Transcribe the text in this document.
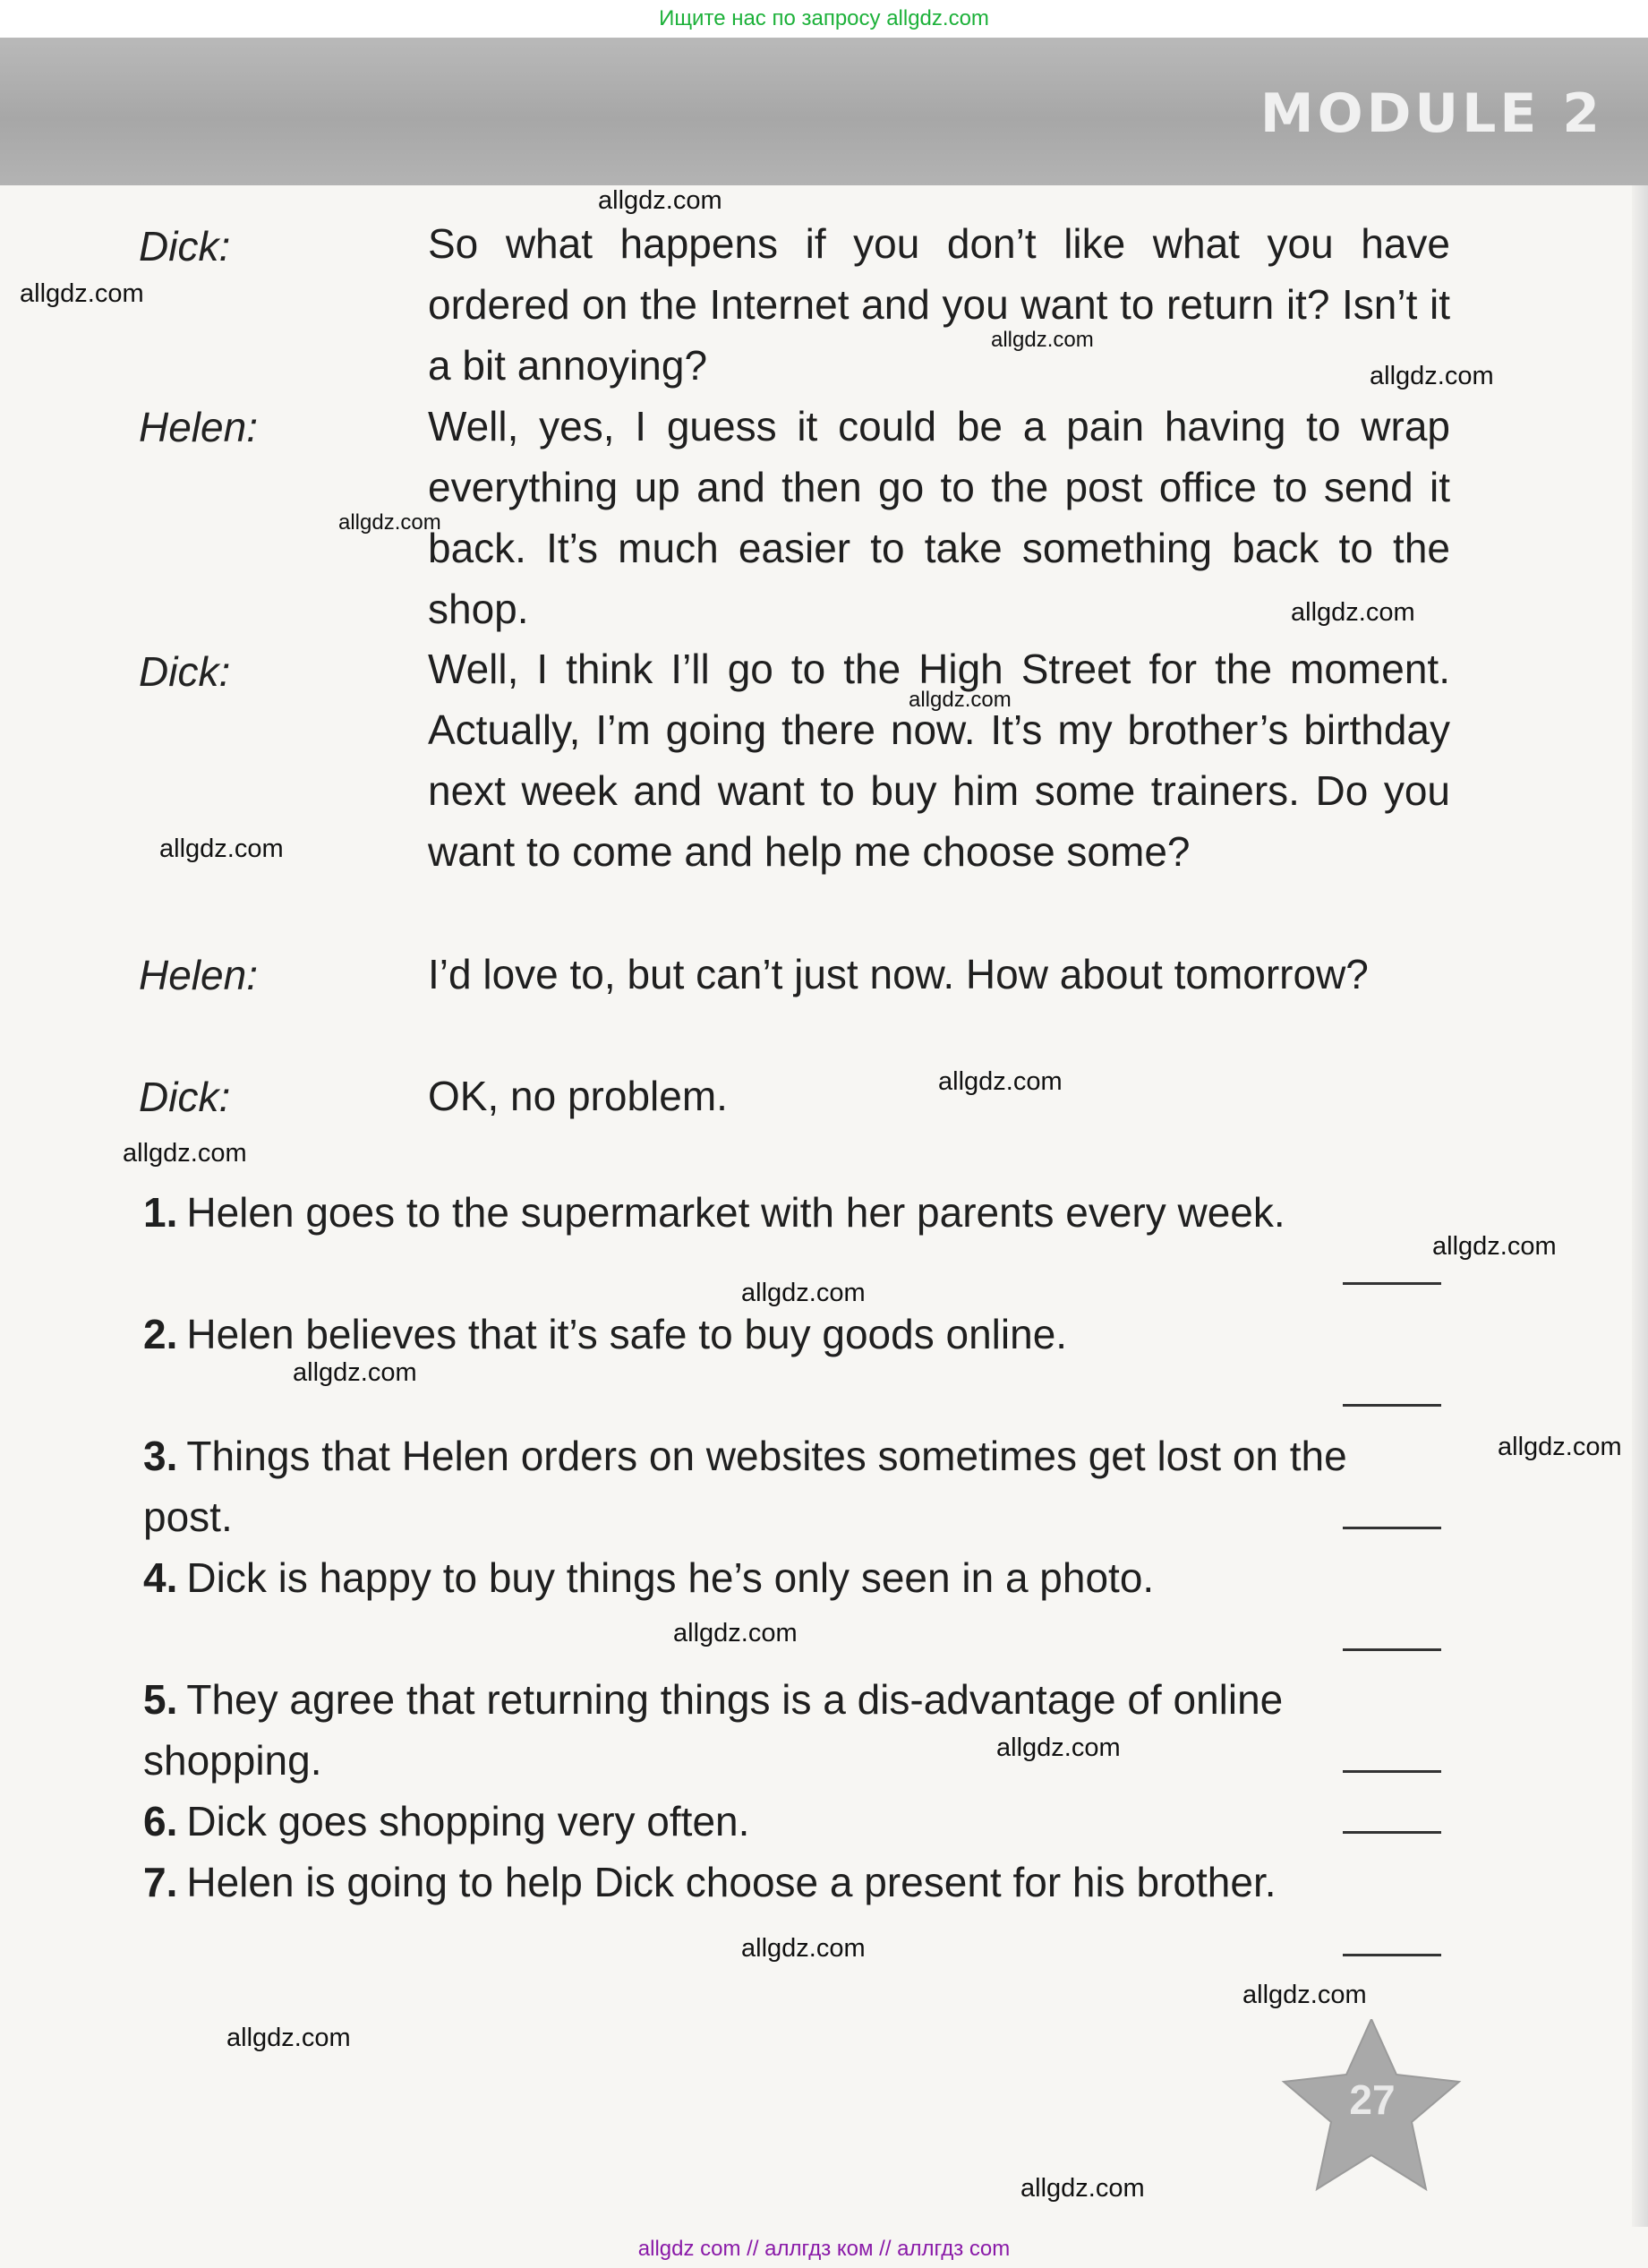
Ищите нас по запросу allgdz.com
MODULE 2
Dick:	So what happens if you don’t like what you have ordered on the Internet and you want to return it? Isn’t it a bit annoying?
Helen:	Well, yes, I guess it could be a pain having to wrap everything up and then go to the post office to send it back. It’s much easier to take something back to the shop.
Dick:	Well, I think I’ll go to the High Street for the moment. Actually, I’m going there now. It’s my brother’s birthday next week and want to buy him some trainers. Do you want to come and help me choose some?
Helen:	I’d love to, but can’t just now. How about tomorrow?
Dick:	OK, no problem.
1. Helen goes to the supermarket with her parents every week.
2. Helen believes that it’s safe to buy goods online.
3. Things that Helen orders on websites sometimes get lost on the post.
4. Dick is happy to buy things he’s only seen in a photo.
5. They agree that returning things is a dis-advantage of online shopping.
6. Dick goes shopping very often.
7. Helen is going to help Dick choose a present for his brother.
27
allgdz.com
allgdz.com
allgdz.com
allgdz.com
allgdz.com
allgdz.com
allgdz.com
allgdz.com
allgdz.com
allgdz.com
allgdz.com
allgdz.com
allgdz.com
allgdz.com
allgdz.com
allgdz.com
allgdz.com
allgdz.com
allgdz.com
allgdz.com
allgdz com // аллгдз ком // аллгдз com
